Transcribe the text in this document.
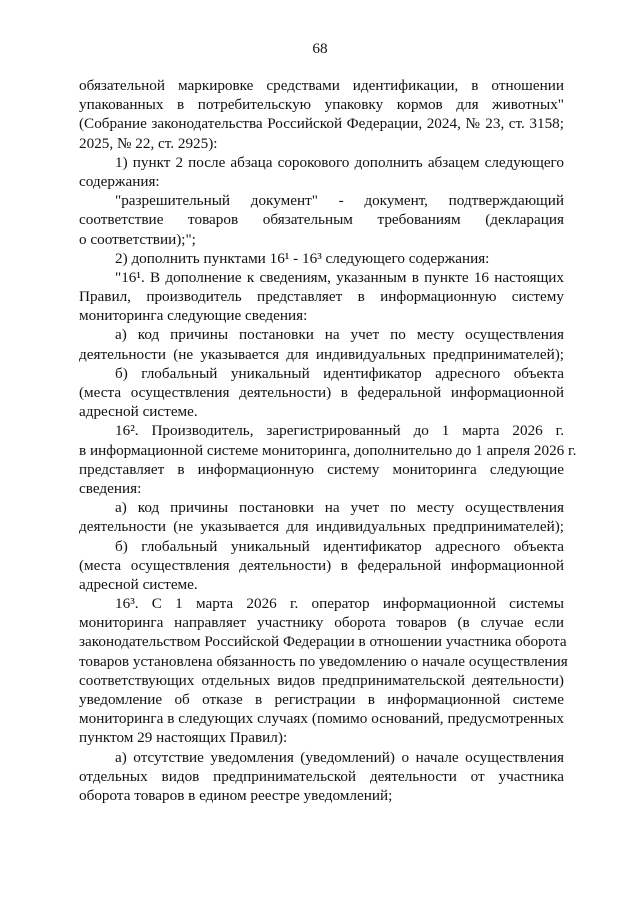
68
обязательной маркировке средствами идентификации, в отношении
упакованных в потребительскую упаковку кормов для животных"
(Собрание законодательства Российской Федерации, 2024, № 23, ст. 3158;
2025, № 22, ст. 2925):
1) пункт 2 после абзаца сорокового дополнить абзацем следующего
содержания:
"разрешительный документ" - документ, подтверждающий
соответствие товаров обязательным требованиям (декларация
о соответствии);";
2) дополнить пунктами 16¹ - 16³ следующего содержания:
"16¹. В дополнение к сведениям, указанным в пункте 16 настоящих
Правил, производитель представляет в информационную систему
мониторинга следующие сведения:
а) код причины постановки на учет по месту осуществления
деятельности (не указывается для индивидуальных предпринимателей);
б) глобальный уникальный идентификатор адресного объекта
(места осуществления деятельности) в федеральной информационной
адресной системе.
16². Производитель, зарегистрированный до 1 марта 2026 г.
в информационной системе мониторинга, дополнительно до 1 апреля 2026 г.
представляет в информационную систему мониторинга следующие
сведения:
а) код причины постановки на учет по месту осуществления
деятельности (не указывается для индивидуальных предпринимателей);
б) глобальный уникальный идентификатор адресного объекта
(места осуществления деятельности) в федеральной информационной
адресной системе.
16³. С 1 марта 2026 г. оператор информационной системы
мониторинга направляет участнику оборота товаров (в случае если
законодательством Российской Федерации в отношении участника оборота
товаров установлена обязанность по уведомлению о начале осуществления
соответствующих отдельных видов предпринимательской деятельности)
уведомление об отказе в регистрации в информационной системе
мониторинга в следующих случаях (помимо оснований, предусмотренных
пунктом 29 настоящих Правил):
а) отсутствие уведомления (уведомлений) о начале осуществления
отдельных видов предпринимательской деятельности от участника
оборота товаров в едином реестре уведомлений;
